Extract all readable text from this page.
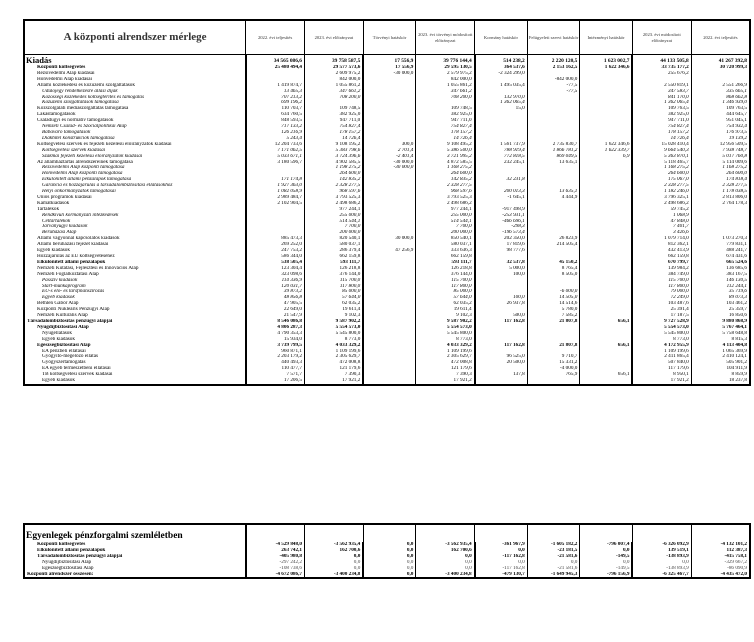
A központi alrendszer mérlege	2022. évi teljesítés	2023. évi előirányzat	Törvényi hatáskör	2023. évi törvényi módosított előirányzat	Kormány hatáskör	Felügyeleti szervi hatáskör	Intézményi hatáskör	2023. évi módosított előirányzat	2022. évi teljesítés
Kiadás	34 565 086,6	39 758 587,5	17 556,9	39 776 144,4	514 238,2	2 220 120,5	1 623 002,7	44 133 505,8	41 267 392,8
Központi költségvetés	25 480 494,4	29 577 573,6	17 556,9	29 595 130,5	364 537,6	2 153 162,5	1 622 346,6	33 735 177,2	30 720 999,3
Rezsivédelmi Alap kiadásai		2 609 975,2	-30 000,0	2 579 975,2	-2 324 299,0			255 676,2	
Honvédelmi Alap kiadásai		842 000,0		842 000,0		-842 000,0			
Állami közlekedési és közüzemi szolgáltatások	1 419 874,7	1 055 861,2		1 055 861,2	1 495 035,4	-77,5		2 550 819,1	2 551 266,9
Üdülőjegy rendelkezésre állási díjak	13 465,3	347 661,2		347 661,2		-77,5		347 583,7	335 665,1
Közösségi közlekedés költségtérítés és támogatás	707 213,2	708 200,0		708 200,0	132 970,0			841 170,0	868 662,8
Közüzemi szolgáltatások támogatása	699 196,2				1 362 065,4			1 362 065,4	1 346 939,0
Közszolgálati médiaszolgáltatás támogatása	110 703,7	109 748,5		109 748,5	15,0			109 763,5	109 763,5
Lakástámogatások	634 760,5	382 925,0		382 925,0				382 925,0	444 645,7
Családügyi és normatív támogatások	848 593,5	947 711,0		947 711,0				947 711,0	951 045,1
Nemzeti Család- és Szociálpolitikai Alap	717 133,2	754 827,4		754 827,4				754 827,4	754 932,4
Babaváró támogatások	126 216,9	178 157,2		178 157,2				178 157,2	176 973,5
Diákhitel konstrukciók támogatása	5 243,4	14 726,4		14 726,4				14 726,4	19 139,2
Költségvetési szervek és fejezeti kezelésű előirányzatok kiadásai	12 204 733,6	9 108 195,2	300,0	9 108 495,2	1 561 737,9	2 735 830,7	1 622 346,6	15 028 410,4	12 956 509,5
Költségvetési szervek kiadásai	7 171 062,5	5 383 798,6	2 701,4	5 386 500,0	788 919,4	1 866 781,2	1 622 339,7	9 664 540,3	7 938 748,7
Szakmai fejezeti kezelésű előirányzatok kiadásai	5 033 671,1	3 724 396,6	-2 401,4	3 721 995,2	772 818,5	869 049,5	6,9	5 363 870,1	5 017 760,8
Az államháztartás alrendszereinek támogatása	3 180 596,7	4 902 585,5	-30 000,0	4 872 585,5	232 245,1	13 635,1		5 118 465,7	5 114 009,6
Rezsivédelmi Alap központi támogatása		1 198 275,2	-30 000,0	1 168 275,2				1 168 275,2	1 168 275,2
Honvédelmi Alap központi támogatása		264 600,0		264 600,0				264 600,0	264 600,0
Elkülönített állami pénzalapok támogatása	171 174,8	142 835,2		142 835,2	32 231,8			175 067,0	174 818,4
Garancia és hozzájárulás a társadalombiztosítási ellátásokhoz	1 927 363,0	2 328 277,5		2 328 277,5				2 328 277,5	2 328 277,5
Helyi önkormányzatok támogatásai	1 082 058,9	968 597,6		968 597,6	200 013,3	13 635,1		1 182 246,0	1 178 038,5
Uniós programok kiadásai	2 989 484,7	3 793 525,3		3 793 525,3	-1 645,1	4 444,9		3 796 325,1	2 813 806,0
Kamatkiadások	2 102 904,5	2 498 686,2		2 498 686,2				2 498 686,2	2 764 178,3
Tartalékok		977 244,1		977 244,1	-917 498,9			59 745,2	
Rendkívüli kormányzati intézkedések		255 000,0		255 000,0	-253 931,1			1 068,9	
Céltartalékok		514 544,1		514 544,1	-466 696,1			47 848,0	
Járványügyi kiadások		7 700,0		7 700,0	-298,3			7 401,7	
Beruházási Alap		200 000,0		200 000,0	-196 573,4			3 426,6	
Állami vagyonnal kapcsolatos kiadások	885 473,3	820 540,1	30 000,0	850 540,1	202 350,0	26 823,9		1 079 714,0	1 073 270,3
Állami beruházási fejezet kiadásai	269 252,0	580 037,1		580 037,1	17 819,6	214 505,4		812 362,1	779 831,1
Egyéb kiadások	247 753,2	286 379,4	47 256,9	333 636,3	98 777,6			432 413,9	488 241,7
Hozzájárulás az EU költségvetéséhez	586 344,0	662 159,8		662 159,8				662 159,8	674 431,6
Elkülönített állami pénzalapok	538 505,4	593 111,7		593 111,7	32 537,8	45 150,2		670 799,7	665 524,6
Nemzeti Kutatási, Fejlesztési és Innovációs Alap	123 304,4	126 218,8		126 218,8	5 000,0	8 765,4		139 984,2	136 685,6
Nemzeti Foglalkoztatási Alap	323 098,6	376 144,0		376 144,0	100,0	8 505,0		384 749,0	383 167,5
Passzív kiadások	114 336,9	115 700,0		115 700,0				115 700,0	146 130,5
Start-munkaprogram	120 031,7	117 800,0		117 800,0				117 800,0	112 244,1
EU-s elő- és társfinanszírozás	39 873,2	85 000,0		85 000,0		-6 000,0		79 000,0	35 719,6
Egyéb kiadások	48 856,8	57 644,0		57 644,0	100,0	14 505,0		72 249,0	89 073,3
Bethlen Gábor Alap	47 905,5	62 035,2		62 035,2	26 937,8	14 514,6		103 487,6	103 461,2
Központi Nukleáris Pénzügyi Alap	22 649,0	19 611,4		19 611,4		5 780,0		25 391,4	25 359,7
Nemzeti Kulturális Alap	21 547,9	9 102,3		9 102,3	500,0	7 585,2		17 187,5	16 850,6
Társadalombiztosítás pénzügyi alapjai	8 546 086,8	9 587 902,2		9 587 902,2	117 162,8	21 807,8	656,1	9 727 528,9	9 880 868,9
Nyugdíjbiztosítási Alap	4 806 287,3	5 554 573,0		5 554 573,0				5 554 573,0	5 767 464,1
Nyugellátások	4 790 353,3	5 545 800,0		5 545 800,0				5 545 800,0	5 758 648,8
Egyéb kiadások	15 934,0	8 773,0		8 773,0				8 773,0	8 815,3
Egészségbiztosítási Alap	3 739 799,5	4 033 329,2		4 033 329,2	117 162,8	21 807,8	656,1	4 172 955,9	4 113 404,8
EA pénzbeli ellátásai	960 871,1	1 109 199,6		1 109 199,6				1 109 199,6	1 065 369,9
Gyógyító-megelőző ellátás	2 203 179,2	2 305 629,7		2 305 629,7	96 525,0	9 710,7		2 411 865,4	2 410 124,1
Gyógyszertámogatás	440 493,3	472 008,8		472 008,8	20 500,0	15 331,2		507 840,0	505 901,2
EA egyéb természetbeni ellátásai	110 477,7	121 179,6		121 179,6		-4 000,0		117 179,6	104 911,9
TB költségvetési szervek kiadásai	7 571,7	7 390,3		7 390,3	137,8	765,9	656,1	8 950,1	8 859,9
Egyéb kiadások	17 206,5	17 921,2		17 921,2				17 921,2	18 237,8
Egyenlegek pénzforgalmi szemléletben									
Központi költségvetés	-4 529 848,0	-3 562 935,4	0,0	-3 562 935,4	-361 967,9	-1 605 182,2	-796 007,4	-6 326 092,9	-4 132 101,2
Elkülönített állami pénzalapok	263 742,1	162 700,6	0,0	162 700,6	0,0	-23 181,5	0,0	139 519,1	112 387,3
Társadalombiztosítás pénzügyi alapjai	-405 980,8	0,0	0,0	0,0	-117 162,8	-21 581,6	-149,5	-138 893,9	-415 758,1
Nyugdíjbiztosítási Alap	-297 242,2	0,0	0,0	0,0	0,0	0,0	0,0	0,0	-329 667,2
Egészségbiztosítási Alap	-108 738,6	0,0	0,0	0,0	-117 162,8	-21 581,6	-149,5	-138 893,9	-86 090,9
Központi alrendszer összesen:	-4 672 086,7	-3 400 234,8	0,0	-3 400 234,8	-479 130,7	-1 649 945,3	-796 156,9	-6 325 467,7	-4 435 472,0
